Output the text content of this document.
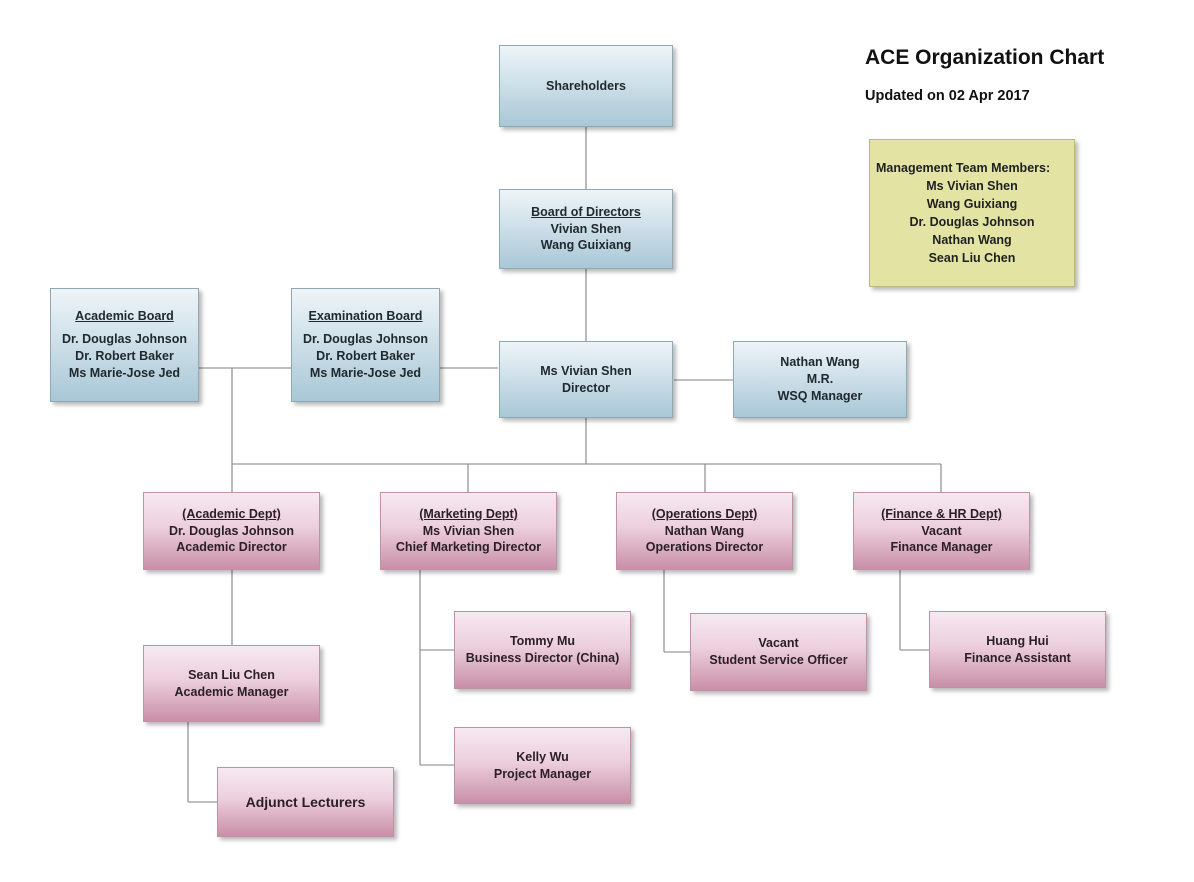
ACE Organization Chart
Updated on 02 Apr 2017
Management Team Members:
Ms Vivian Shen
Wang Guixiang
Dr. Douglas Johnson
Nathan Wang
Sean Liu Chen
Shareholders
Board of Directors
Vivian Shen
Wang Guixiang
Academic Board
Dr. Douglas Johnson
Dr. Robert Baker
Ms Marie-Jose Jed
Examination Board
Dr. Douglas Johnson
Dr. Robert Baker
Ms Marie-Jose Jed	Ms Vivian Shen
Director
Nathan Wang
M.R.
WSQ Manager
(Academic Dept)
Dr. Douglas Johnson
Academic Director
(Marketing Dept)
Ms Vivian Shen
Chief Marketing Director
(Operations Dept)
Nathan Wang
Operations Director
(Finance & HR Dept)
Vacant
Finance Manager
Sean Liu Chen
Academic Manager
Adjunct Lecturers
Tommy Mu
Business Director (China)
Kelly Wu
Project Manager
Vacant
Student Service Officer
Huang Hui
Finance Assistant
